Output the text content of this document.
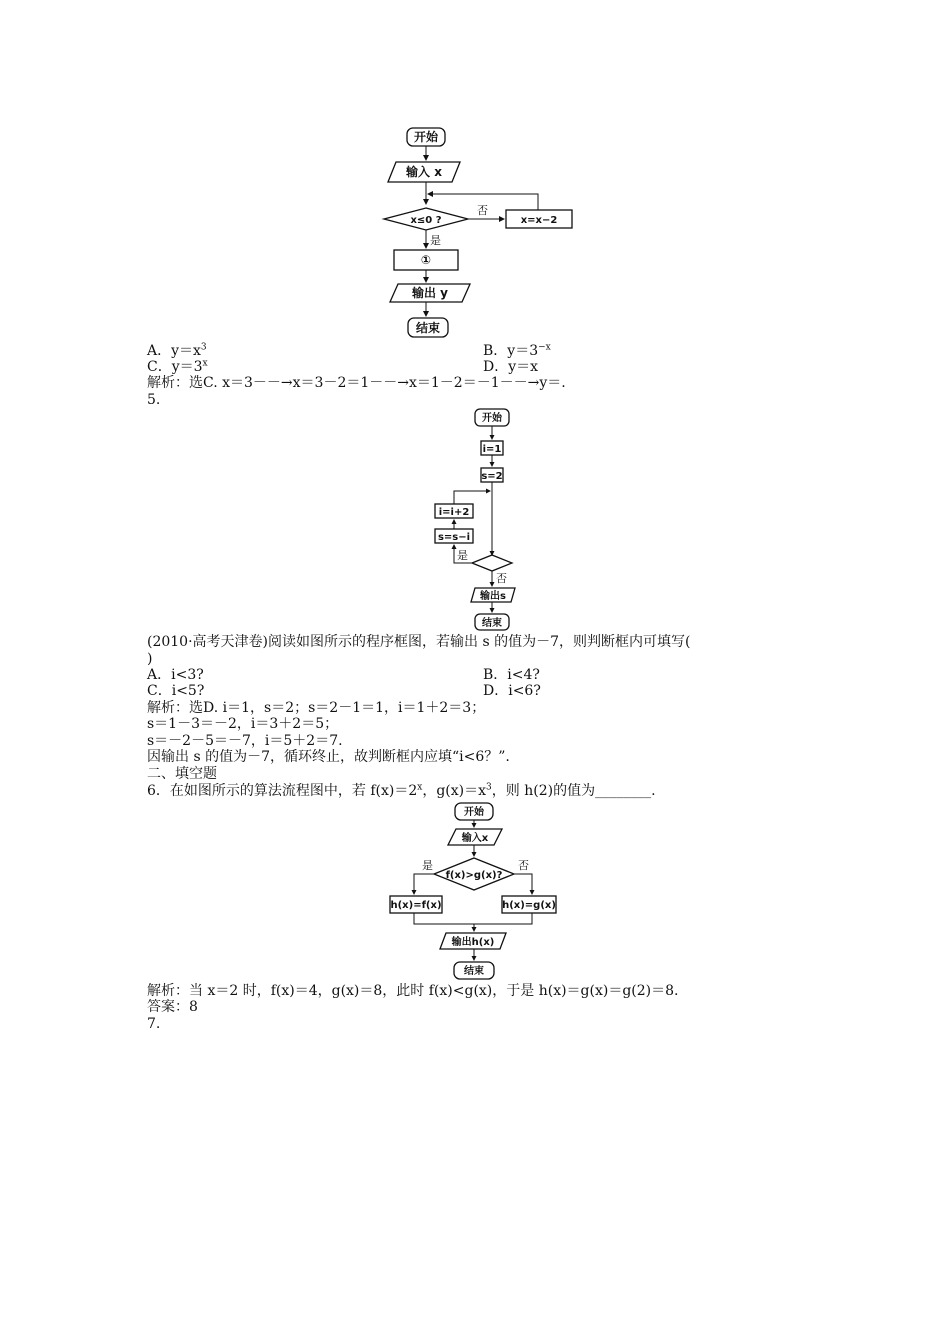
开始
输入 x
x≤0 ?
否
x=x−2
是
①
输出 y
结束
A．$y=x^3$	B．$y=3^{-x}$
C．$y=3^x$	D．y＝x
解析：选C. x＝3－－→x＝3－2＝1－－→x＝1－2＝－1－－→y＝.
5.
开始
i=1
s=2
i=i+2
s=s−i
是
否
输出s
结束
(2010·高考天津卷)阅读如图所示的程序框图，若输出 s 的值为－7，则判断框内可填写(
)
A．i<3?	B．i<4?
C．i<5?	D．i<6?
解析：选D. i＝1，s＝2；s＝2－1＝1，i＝1＋2＝3；
s＝1－3＝－2，i＝3＋2＝5；
s＝－2－5＝－7，i＝5＋2＝7.
因输出 s 的值为－7，循环终止，故判断框内应填“i<6？”.
二、填空题
6．在如图所示的算法流程图中，若 $f(x)=2^x$，$g(x)=x^3$，则 h(2)的值为________.
开始
输入x
f(x)>g(x)?
是	否
h(x)=f(x)	h(x)=g(x)
输出h(x)
结束
解析：当 x＝2 时，f(x)＝4，g(x)＝8，此时 f(x)<g(x)，于是 h(x)＝g(x)＝g(2)＝8.
答案：8
7.
